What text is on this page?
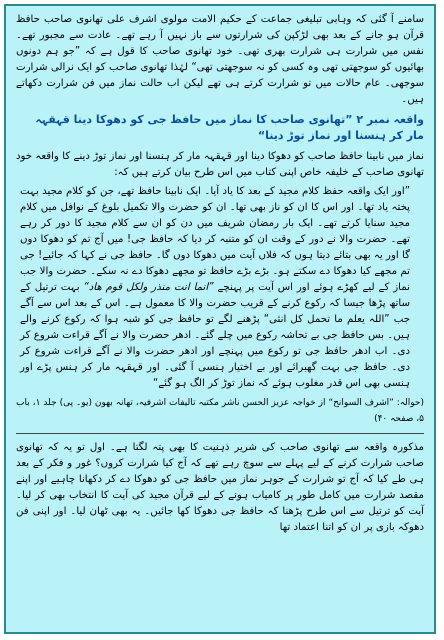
سامنے آ گئی کہ وہابی تبلیغی جماعت کے حکیم الامت مولوی اشرف علی تھانوی صاحب حافظ قرآن ہو جانے کے بعد بھی لڑکپن کی شرارتوں سے باز نہیں آ رہے تھے۔ عادت سے مجبور تھے۔ نفس میں شرارت ہی شرارت بھری تھی۔ خود تھانوی صاحب کا قول ہے کہ ”جو ہم دونوں بھائیوں کو سوجھتی تھی وہ کسی کو نہ سوجھتی تھی“ لہٰذا تھانوی صاحب کو ایک نرالی شرارت سوجھی۔ عام حالات میں تو شرارت کرتے ہی تھے لیکن اب حالت نماز میں فن شرارت دکھاتے ہیں۔

واقعہ نمبر ۲ ”تھانوی صاحب کا نماز میں حافظ جی کو دھوکا دینا قہقہہ مار کر ہنسنا اور نماز توڑ دینا“

نماز میں نابینا حافظ صاحب کو دھوکا دینا اور قہقہہ مار کر ہنسنا اور نماز توڑ دینے کا واقعہ خود تھانوی صاحب کے خلیفہ خاص اپنی کتاب میں اس طرح بیان کرتے ہیں کہ:

”اور ایک واقعہ حفظ کلام مجید کے بعد کا یاد آیا۔ ایک نابینا حافظ تھے، جن کو کلام مجید بہت پختہ یاد تھا۔ اور اس کا ان کو ناز بھی تھا۔ ان کو حضرت والا تکمیل بلوغ کے نوافل میں کلام مجید سنایا کرتے تھے۔ ایک بار رمضان شریف میں دن کو ان سے کلام مجید کا دور کر رہے تھے۔ حضرت والا نے دور کے وقت ان کو متنبہ کر دیا کہ حافظ جی! میں آج تم کو دھوکا دوں گا اور یہ بھی بتائے دیتا ہوں کہ فلاں آیت میں دھوکا دوں گا۔ حافظ جی نے کہا کہ جائیے! جی تم مجھے کیا دھوکا دے سکتے ہو۔ بڑے بڑے حافظ تو مجھے دھوکا دے نہ سکے۔ حضرت والا جب نماز کے لیے کھڑے ہوئے اور اس آیت پر پہنچے ”انما انت منذر ولکل قوم ھاد“ بہت ترتیل کے ساتھ پڑھا جیسا کہ رکوع کرنے کے قریب حضرت والا کا معمول ہے۔ اس کے بعد اس سے آگے جب ”اللہ یعلم ما تحمل کل انثی“ پڑھنے لگے تو حافظ جی کو شبہ ہوا کہ رکوع کرنے والے ہیں۔ بس حافظ جی بے تحاشہ رکوع میں چلے گئے۔ ادھر حضرت والا نے آگے قراءت شروع کر دی۔ اب ادھر حافظ جی تو رکوع میں پہنچے اور ادھر حضرت والا نے آگے قراءت شروع کر دی۔ حافظ جی بہت گھبرائے اور بے اختیار ہنسی آ گئی۔ اور قہقہہ مار کر ہنس پڑے اور ہنسی بھی اس قدر مغلوب ہوئے کہ نماز توڑ کر الگ ہو گئے“

(حوالہ: ”اشرف السوانح“ از خواجہ عزیز الحسن ناشر مکتبہ تالیفات اشرفیہ، تھانہ بھون (یو۔ پی) جلد ۱، باب ۵، صفحہ ۴۰)

مذکورہ واقعہ سے تھانوی صاحب کی شریر ذہنیت کا بھی پتہ لگتا ہے۔ اول تو یہ کہ تھانوی صاحب شرارت کرنے کے لیے پہلے سے سوچ رہے تھے کہ آج کیا شرارت کروں؟ غور و فکر کے بعد ہی طے کیا کہ آج تو شرارت کے جوہر نماز میں حافظ جی کو دھوکا دے کر دکھانا چاہیے اور اپنے مقصد شرارت میں کامل طور پر کامیاب ہونے کے لیے قرآن مجید کی آیت کا انتخاب بھی کر لیا۔ آیت کو ترتیل سے اس طرح پڑھنا کہ حافظ جی دھوکا کھا جائیں۔ یہ بھی ٹھان لیا۔ اور اپنی فن دھوکہ بازی پر ان کو اتنا اعتماد تھا
